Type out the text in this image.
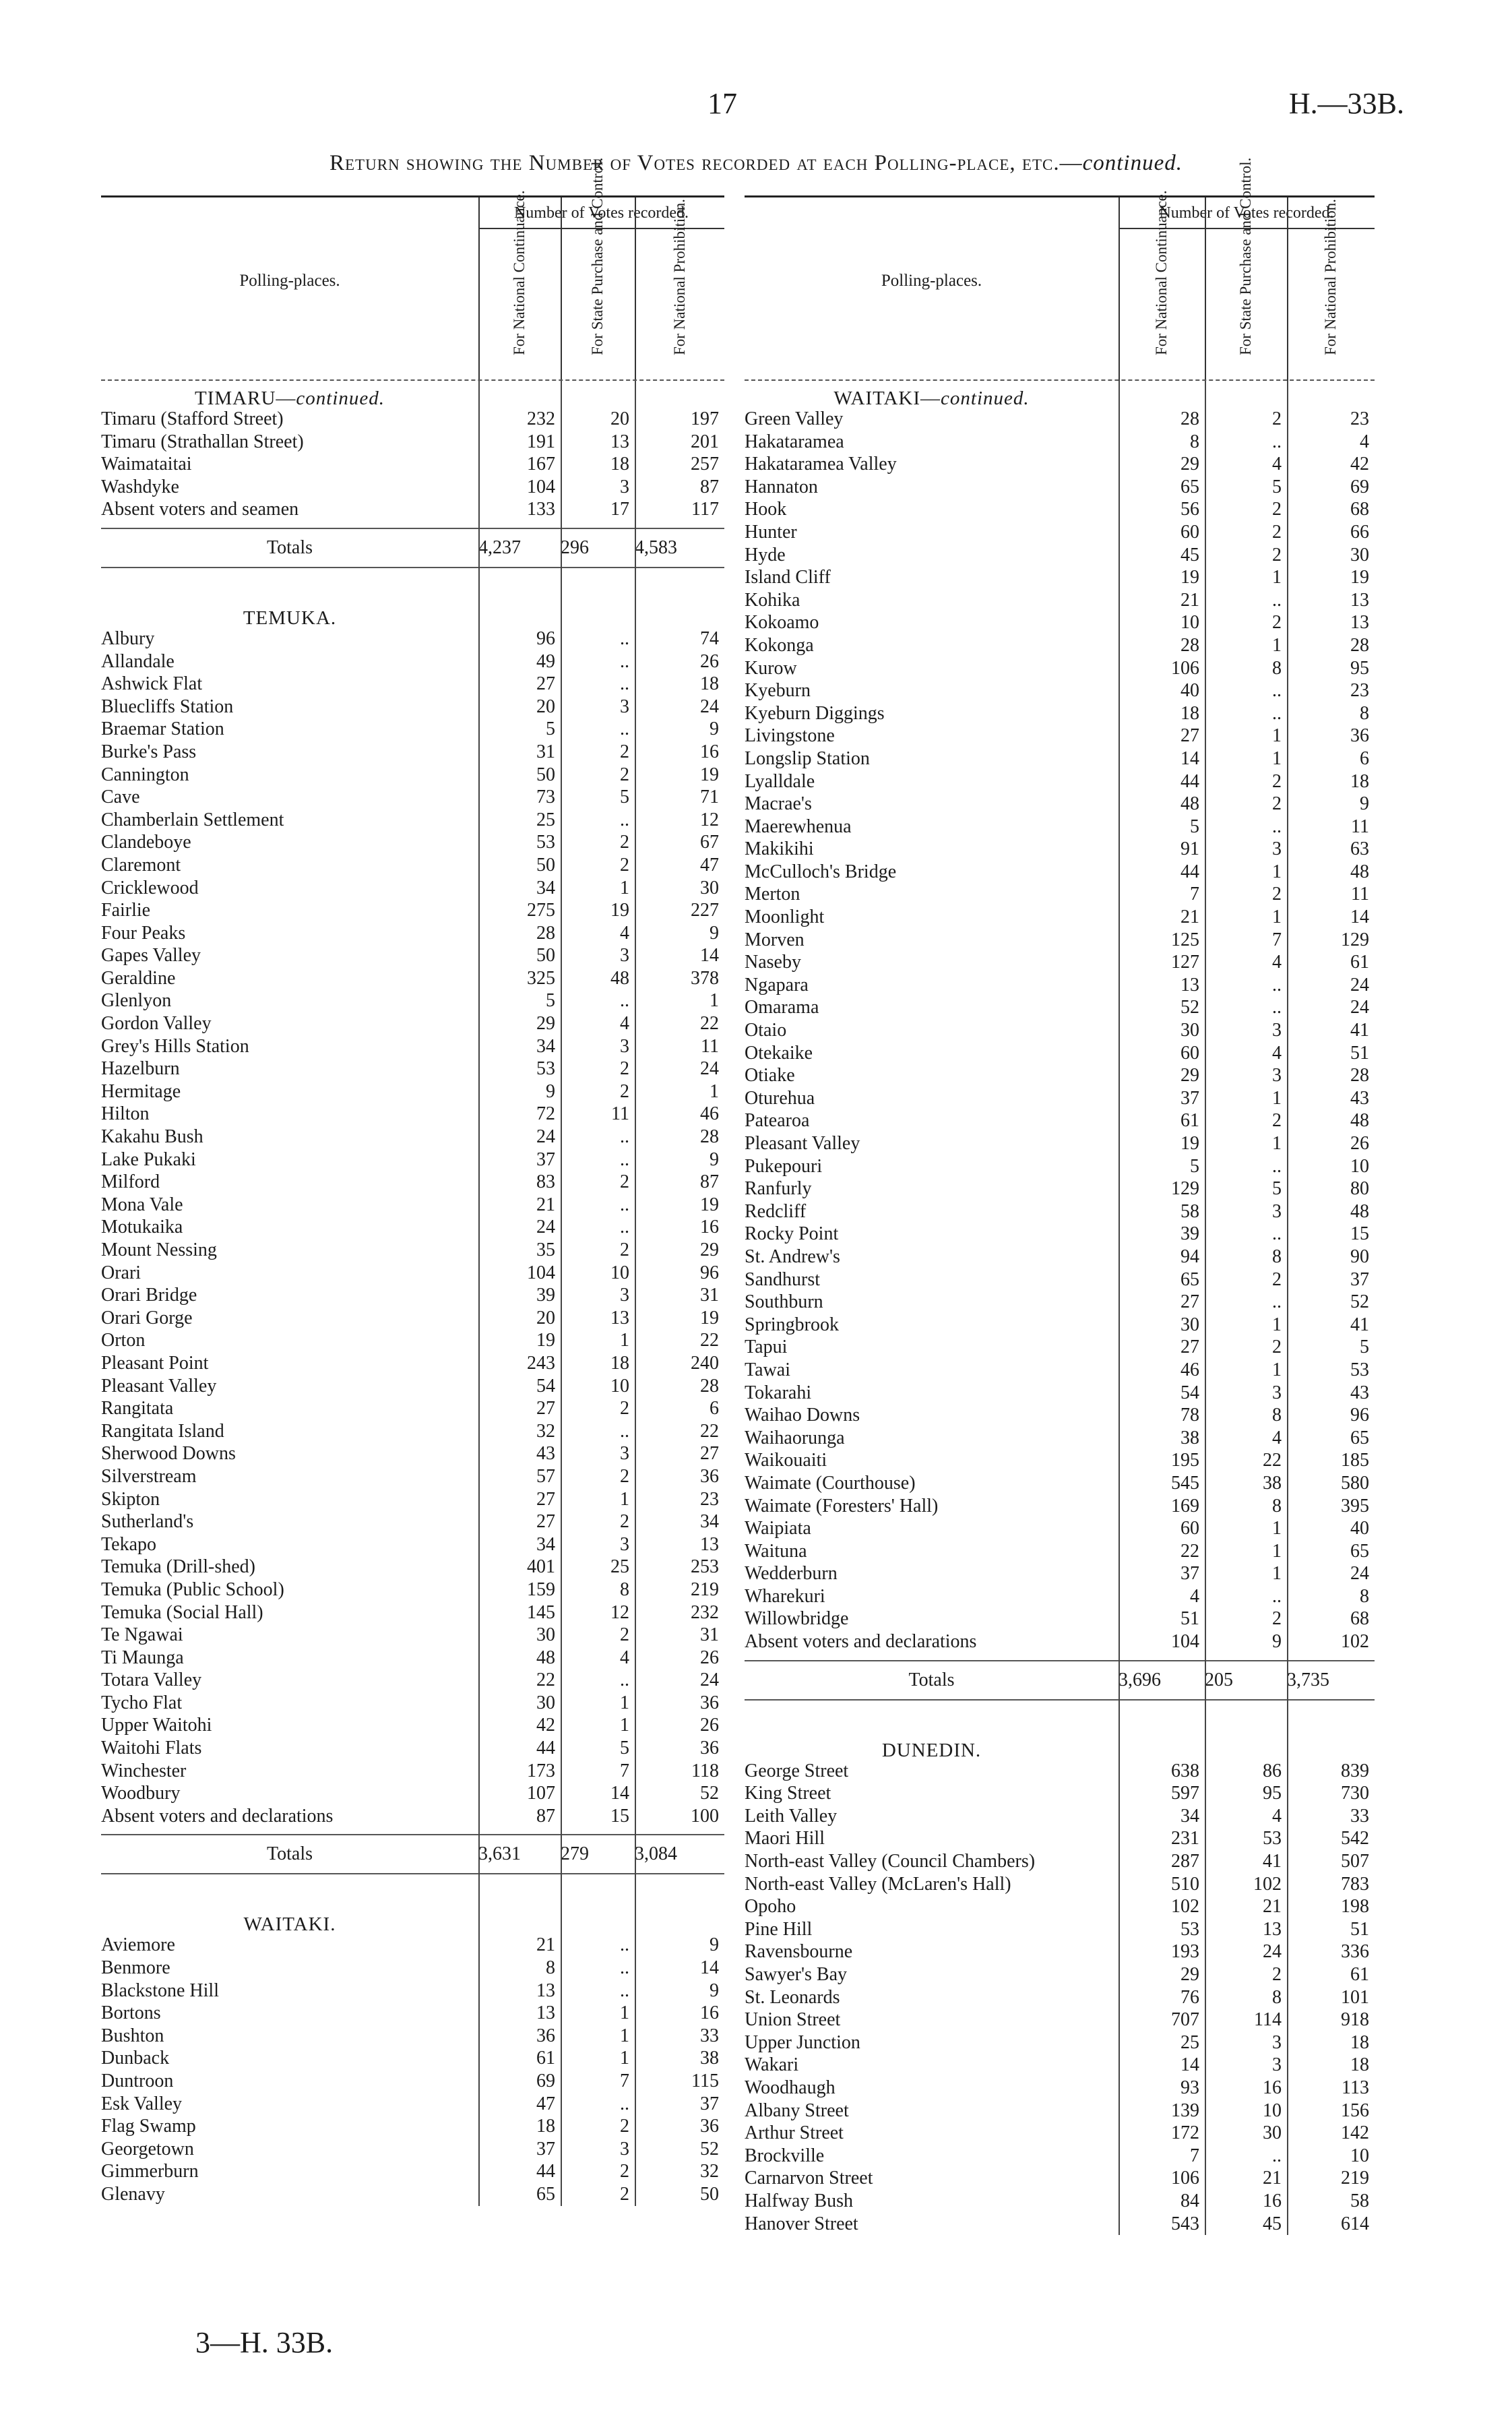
17	H.—33B.
Return showing the Number of Votes recorded at each Polling-place, etc.—continued.
Polling-places.
Number of Votes recorded.
For National Continuance.	For State Purchase and Control.	For National Prohibition.
TIMARU—continued.
Timaru (Stafford Street)	232	20	197
Timaru (Strathallan Street)	191	13	201
Waimataitai	167	18	257
Washdyke	104	3	87
Absent voters and seamen	133	17	117
Totals	4,237	296	4,583
TEMUKA.
Albury	96	..	74
Allandale	49	..	26
Ashwick Flat	27	..	18
Bluecliffs Station	20	3	24
Braemar Station	5	..	9
Burke's Pass	31	2	16
Cannington	50	2	19
Cave	73	5	71
Chamberlain Settlement	25	..	12
Clandeboye	53	2	67
Claremont	50	2	47
Cricklewood	34	1	30
Fairlie	275	19	227
Four Peaks	28	4	9
Gapes Valley	50	3	14
Geraldine	325	48	378
Glenlyon	5	..	1
Gordon Valley	29	4	22
Grey's Hills Station	34	3	11
Hazelburn	53	2	24
Hermitage	9	2	1
Hilton	72	11	46
Kakahu Bush	24	..	28
Lake Pukaki	37	..	9
Milford	83	2	87
Mona Vale	21	..	19
Motukaika	24	..	16
Mount Nessing	35	2	29
Orari	104	10	96
Orari Bridge	39	3	31
Orari Gorge	20	13	19
Orton	19	1	22
Pleasant Point	243	18	240
Pleasant Valley	54	10	28
Rangitata	27	2	6
Rangitata Island	32	..	22
Sherwood Downs	43	3	27
Silverstream	57	2	36
Skipton	27	1	23
Sutherland's	27	2	34
Tekapo	34	3	13
Temuka (Drill-shed)	401	25	253
Temuka (Public School)	159	8	219
Temuka (Social Hall)	145	12	232
Te Ngawai	30	2	31
Ti Maunga	48	4	26
Totara Valley	22	..	24
Tycho Flat	30	1	36
Upper Waitohi	42	1	26
Waitohi Flats	44	5	36
Winchester	173	7	118
Woodbury	107	14	52
Absent voters and declarations	87	15	100
Totals	3,631	279	3,084
WAITAKI.
Aviemore	21	..	9
Benmore	8	..	14
Blackstone Hill	13	..	9
Bortons	13	1	16
Bushton	36	1	33
Dunback	61	1	38
Duntroon	69	7	115
Esk Valley	47	..	37
Flag Swamp	18	2	36
Georgetown	37	3	52
Gimmerburn	44	2	32
Glenavy	65	2	50
Polling-places.
Number of Votes recorded.
For National Continuance.	For State Purchase and Control.	For National Prohibition.
WAITAKI—continued.
Green Valley	28	2	23
Hakataramea	8	..	4
Hakataramea Valley	29	4	42
Hannaton	65	5	69
Hook	56	2	68
Hunter	60	2	66
Hyde	45	2	30
Island Cliff	19	1	19
Kohika	21	..	13
Kokoamo	10	2	13
Kokonga	28	1	28
Kurow	106	8	95
Kyeburn	40	..	23
Kyeburn Diggings	18	..	8
Livingstone	27	1	36
Longslip Station	14	1	6
Lyalldale	44	2	18
Macrae's	48	2	9
Maerewhenua	5	..	11
Makikihi	91	3	63
McCulloch's Bridge	44	1	48
Merton	7	2	11
Moonlight	21	1	14
Morven	125	7	129
Naseby	127	4	61
Ngapara	13	..	24
Omarama	52	..	24
Otaio	30	3	41
Otekaike	60	4	51
Otiake	29	3	28
Oturehua	37	1	43
Patearoa	61	2	48
Pleasant Valley	19	1	26
Pukepouri	5	..	10
Ranfurly	129	5	80
Redcliff	58	3	48
Rocky Point	39	..	15
St. Andrew's	94	8	90
Sandhurst	65	2	37
Southburn	27	..	52
Springbrook	30	1	41
Tapui	27	2	5
Tawai	46	1	53
Tokarahi	54	3	43
Waihao Downs	78	8	96
Waihaorunga	38	4	65
Waikouaiti	195	22	185
Waimate (Courthouse)	545	38	580
Waimate (Foresters' Hall)	169	8	395
Waipiata	60	1	40
Waituna	22	1	65
Wedderburn	37	1	24
Wharekuri	4	..	8
Willowbridge	51	2	68
Absent voters and declarations	104	9	102
Totals	3,696	205	3,735
DUNEDIN.
George Street	638	86	839
King Street	597	95	730
Leith Valley	34	4	33
Maori Hill	231	53	542
North-east Valley (Council Chambers)	287	41	507
North-east Valley (McLaren's Hall)	510	102	783
Opoho	102	21	198
Pine Hill	53	13	51
Ravensbourne	193	24	336
Sawyer's Bay	29	2	61
St. Leonards	76	8	101
Union Street	707	114	918
Upper Junction	25	3	18
Wakari	14	3	18
Woodhaugh	93	16	113
Albany Street	139	10	156
Arthur Street	172	30	142
Brockville	7	..	10
Carnarvon Street	106	21	219
Halfway Bush	84	16	58
Hanover Street	543	45	614
3—H. 33B.
